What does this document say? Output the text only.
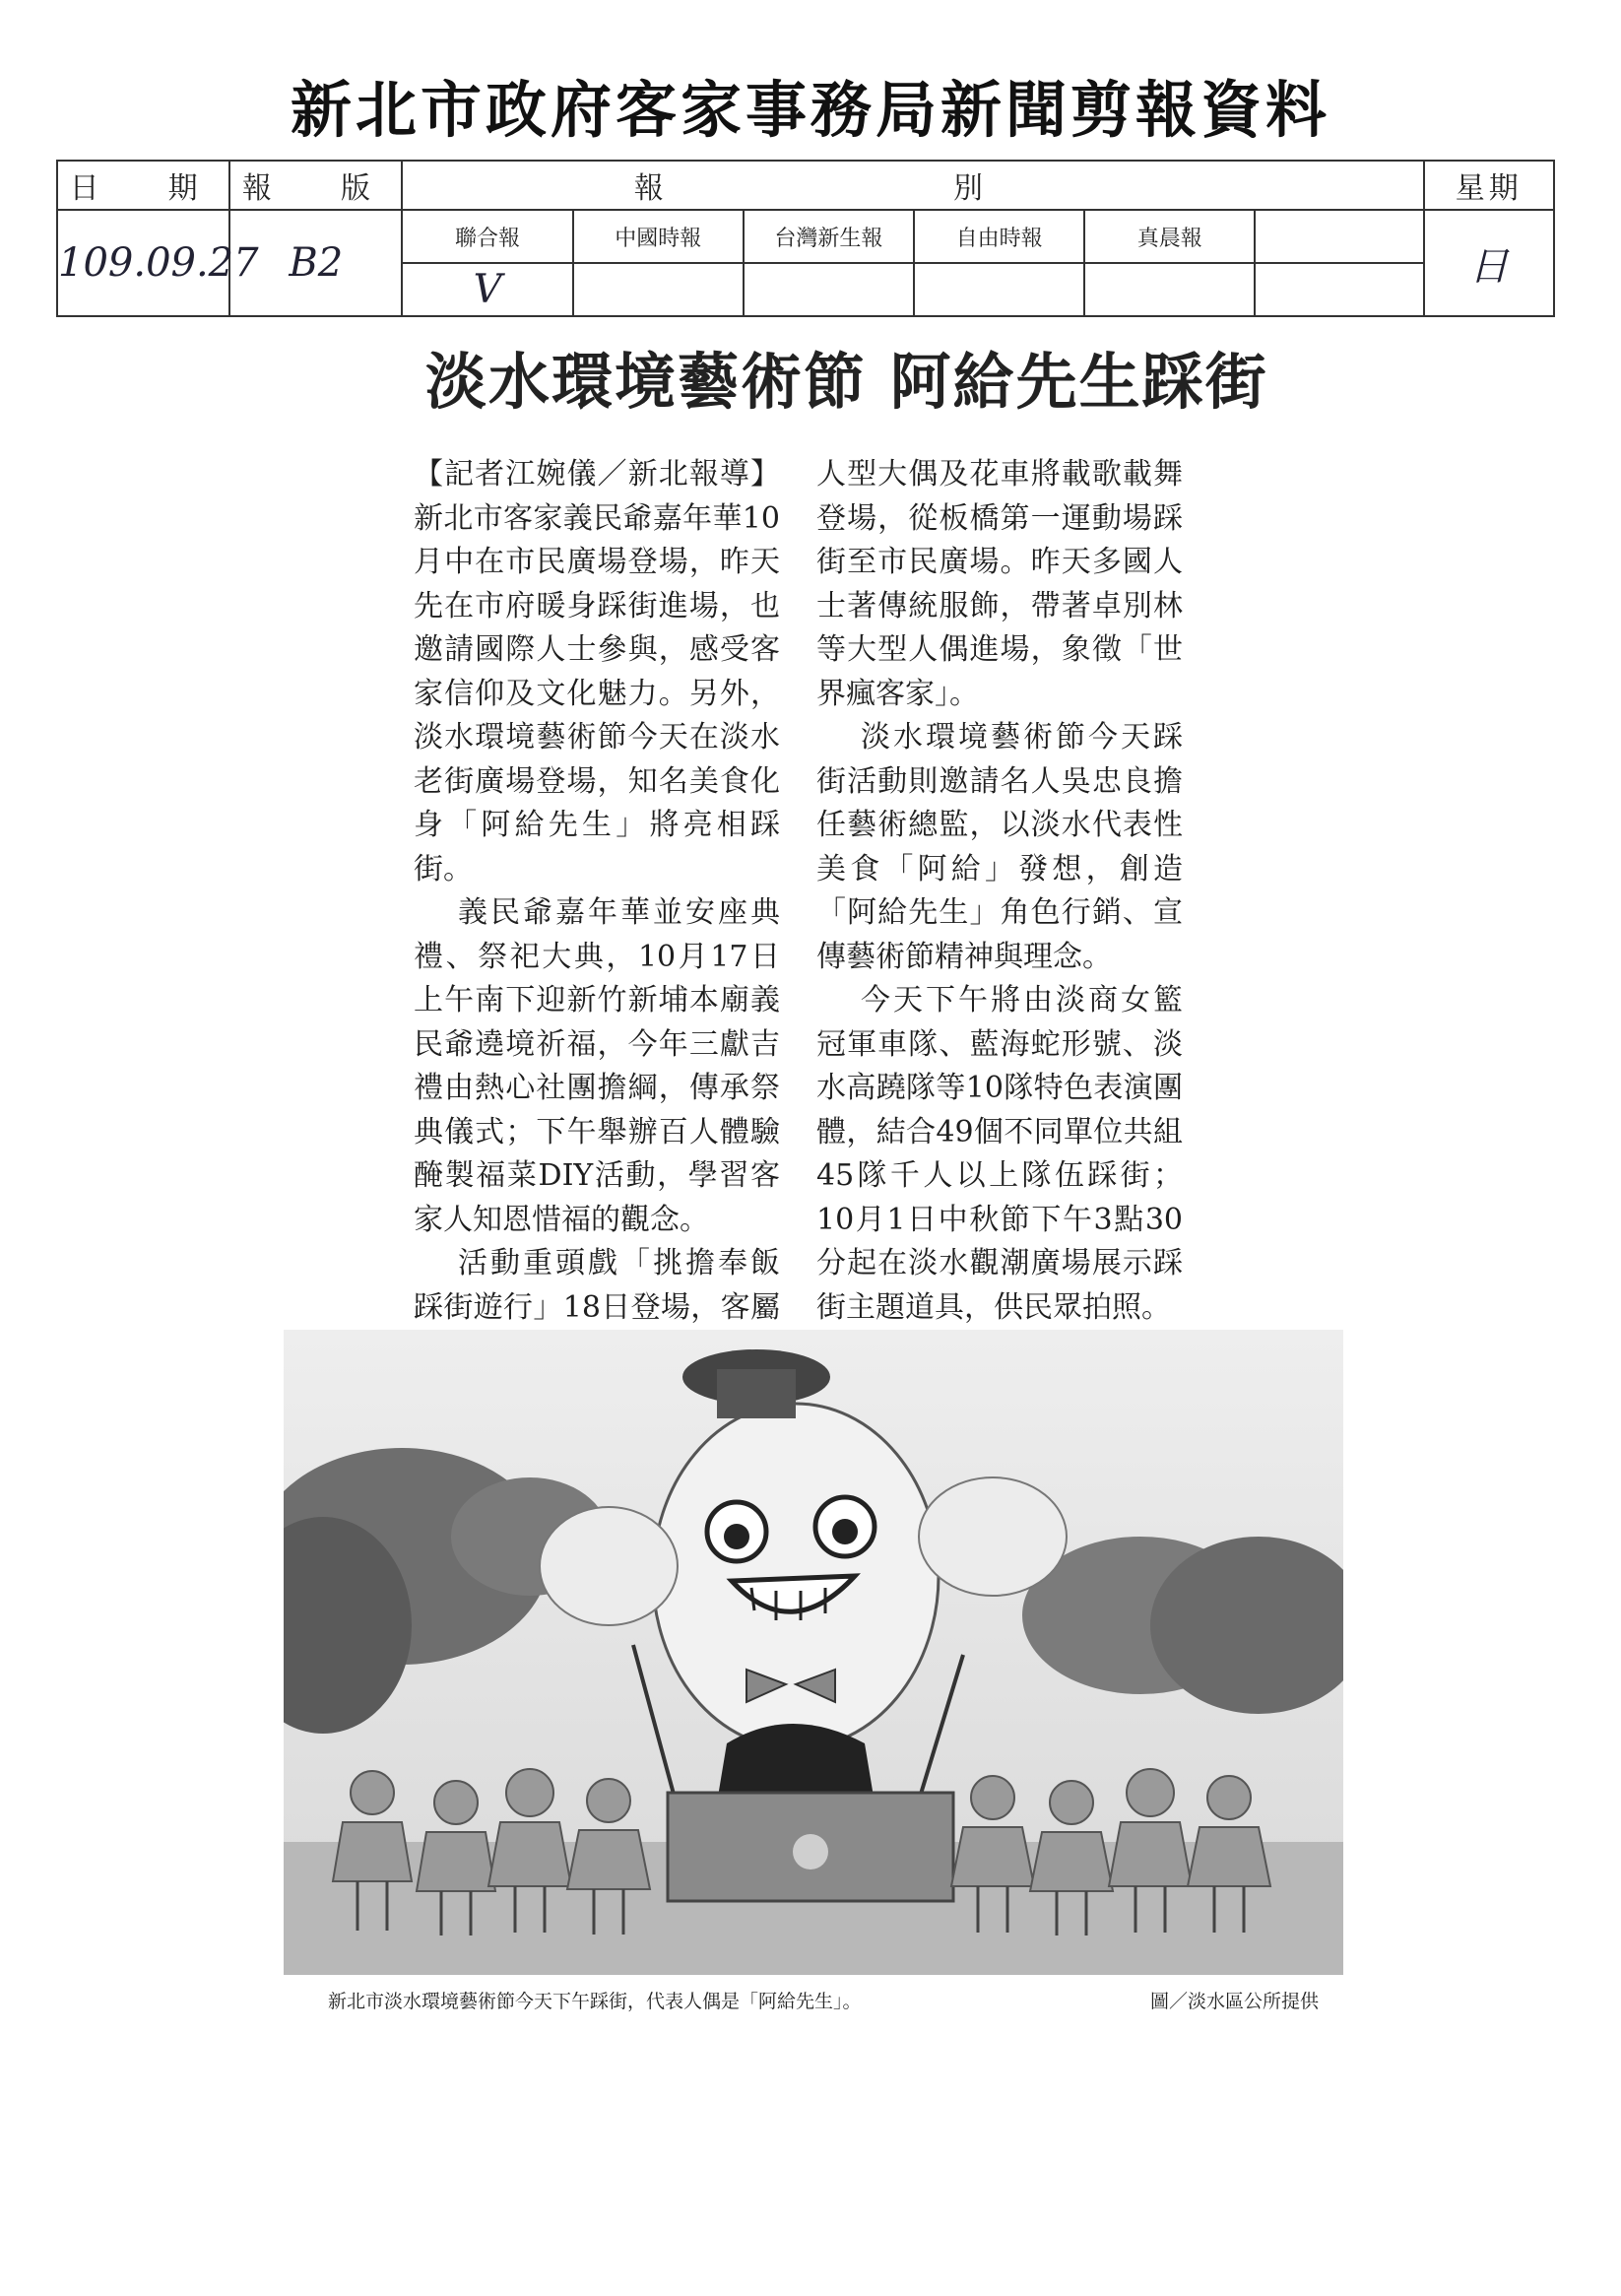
新北市政府客家事務局新聞剪報資料
日　期	報　版	報			別			星期
109.09.27	B2	聯合報	中國時報	台灣新生報	自由時報	真晨報		日
		V						
淡水環境藝術節 阿給先生踩街

【記者江婉儀／新北報導】新北市客家義民爺嘉年華10月中在市民廣場登場，昨天先在市府暖身踩街進場，也邀請國際人士參與，感受客家信仰及文化魅力。另外，淡水環境藝術節今天在淡水老街廣場登場，知名美食化身「阿給先生」將亮相踩街。

義民爺嘉年華並安座典禮、祭祀大典，10月17日上午南下迎新竹新埔本廟義民爺遶境祈福，今年三獻吉禮由熱心社團擔綱，傳承祭典儀式；下午舉辦百人體驗醃製福菜DIY活動，學習客家人知恩惜福的觀念。

活動重頭戲「挑擔奉飯踩街遊行」18日登場，客屬

人型大偶及花車將載歌載舞登場，從板橋第一運動場踩街至市民廣場。昨天多國人士著傳統服飾，帶著卓別林等大型人偶進場，象徵「世界瘋客家」。

淡水環境藝術節今天踩街活動則邀請名人吳忠良擔任藝術總監，以淡水代表性美食「阿給」發想，創造「阿給先生」角色行銷、宣傳藝術節精神與理念。

今天下午將由淡商女籃冠軍車隊、藍海蛇形號、淡水高蹺隊等10隊特色表演團體，結合49個不同單位共組45隊千人以上隊伍踩街；10月1日中秋節下午3點30分起在淡水觀潮廣場展示踩街主題道具，供民眾拍照。

新北市淡水環境藝術節今天下午踩街，代表人偶是「阿給先生」。	圖／淡水區公所提供
